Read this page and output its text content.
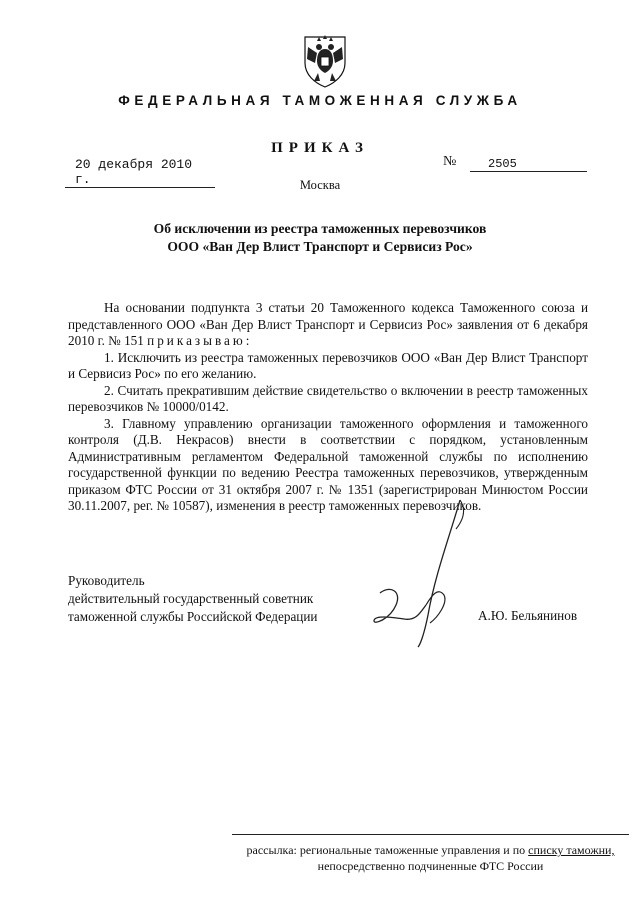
ФЕДЕРАЛЬНАЯ ТАМОЖЕННАЯ СЛУЖБА
ПРИКАЗ
20 декабря 2010 г.
№	2505
Москва
Об исключении из реестра таможенных перевозчиков
ООО «Ван Дер Влист Транспорт и Сервисиз Рос»

На основании подпункта 3 статьи 20 Таможенного кодекса Таможенного союза и представленного ООО «Ван Дер Влист Транспорт и Сервисиз Рос» заявления от 6 декабря 2010 г. № 151 приказываю:

1. Исключить из реестра таможенных перевозчиков ООО «Ван Дер Влист Транспорт и Сервисиз Рос» по его желанию.

2. Считать прекратившим действие свидетельство о включении в реестр таможенных перевозчиков № 10000/0142.

3. Главному управлению организации таможенного оформления и таможенного контроля (Д.В. Некрасов) внести в соответствии с порядком, установленным Административным регламентом Федеральной таможенной службы по исполнению государственной функции по ведению Реестра таможенных перевозчиков, утвержденным приказом ФТС России от 31 октября 2007 г. № 1351 (зарегистрирован Минюстом России 30.11.2007, рег. № 10587), изменения в реестр таможенных перевозчиков.

Руководитель
действительный государственный советник
таможенной службы Российской Федерации	А.Ю. Бельянинов
рассылка: региональные таможенные управления и по списку таможни,
непосредственно подчиненные ФТС России
